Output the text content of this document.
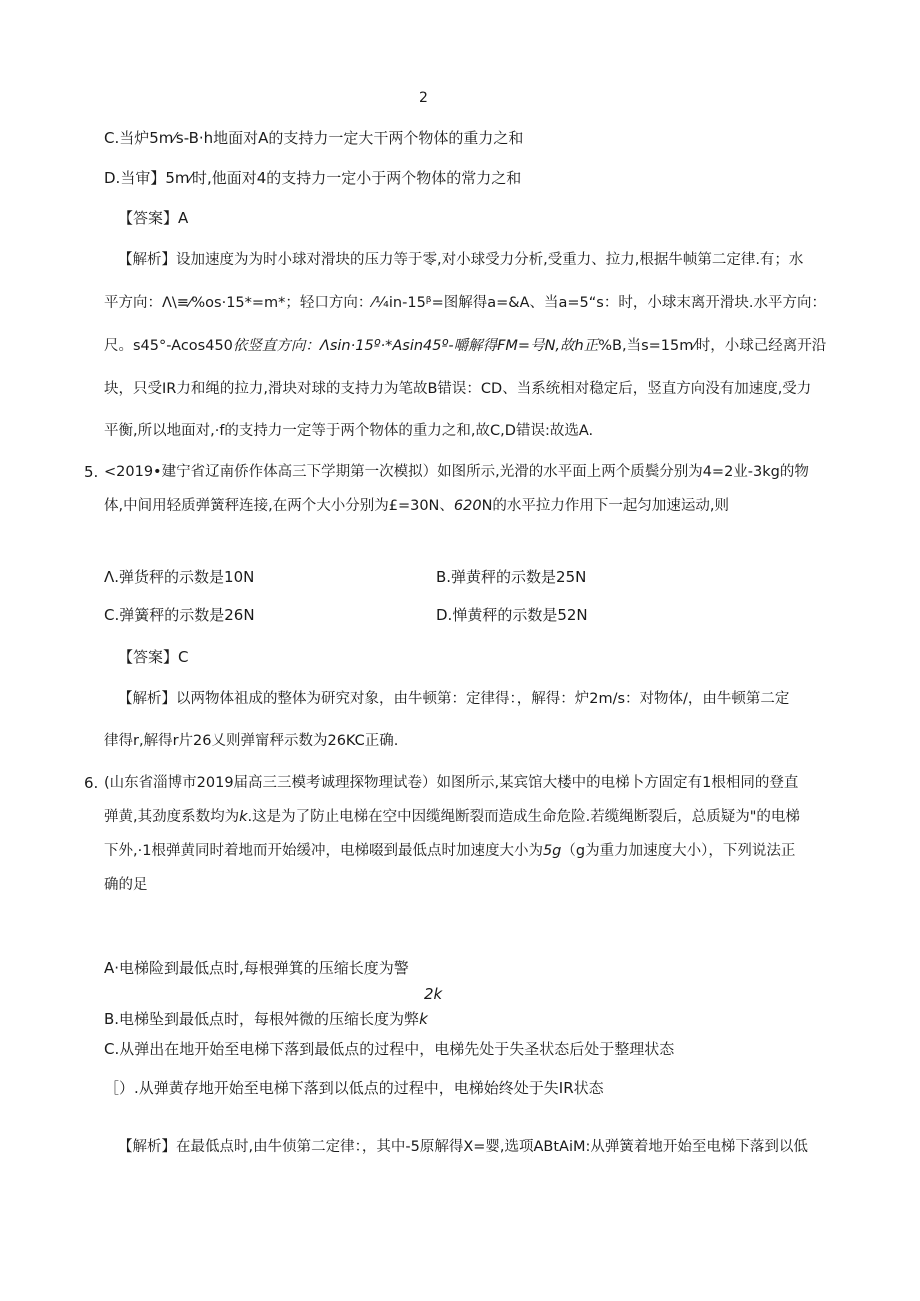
2
C.当炉5m⁄s-B·h地面对A的支持力一定大干两个物体的重力之和
D.当审】5m⁄时,他面对4的支持力一定小于两个物体的常力之和
【答案】A
【解析】设加速度为为时小球对滑块的压力等于零,对小球受力分析,受重力、拉力,根据牛帧第二定律.有；水
平方向：Λ\≡⁄%os·15*=m*；轻口方向：⁄¼in-15ᵝ=图解得a=&A、当a=5“s：时，小球末离开滑块.水平方向：
尺。s45°-Acos450依竖直方向：Λsin·15º·*Asin45º-嚼解得FM=号N,故h正%B,当s=15m⁄时，小球己经离开沿
块，只受IR力和绳的拉力,滑块对球的支持力为笔故B错误：CD、当系统相对稳定后，竖直方向没有加速度,受力
平衡,所以地面对,·f的支持力一定等于两个物体的重力之和,故C,D错误:故选A.
5. <2019•建宁省辽南侨作体高三下学期第一次模拟）如图所示,光滑的水平面上两个质鬓分别为4=2业-3kg的物
体,中间用轻质弹簧秤连接,在两个大小分别为£=30N、620N的水平拉力作用下一起匀加速运动,则
Λ.弹货秤的示数是10N	B.弹黄秤的示数是25N
C.弹簧秤的示数是26N	D.惮黄秤的示数是52N
【答案】C
【解析】以两物体祖成的整体为研究对象，由牛顿第：定律得：，解得：炉2m/s：对物体/，由牛顿第二定
律得r,解得r片26乂则弹甯秤示数为26KC正确.
6. (山东省淄博市2019届高三三模考诚理探物理试卷）如图所示,某宾馆大楼中的电梯卜方固定有1根相同的登直
弹黄,其劲度系数均为k.这是为了防止电梯在空中因缆绳断裂而造成生命危险.若缆绳断裂后，总质疑为"的电梯
下外,·1根弹黄同时着地而开始缓冲，电梯啜到最低点时加速度大小为5g（g为重力加速度大小），下列说法正
确的足
A·电梯险到最低点时,每根弹箕的压缩长度为警
2k
B.电梯坠到最低点时，每根舛微的压缩长度为弊k
C.从弹出在地开始至电梯下落到最低点的过程中，电梯先处于失圣状态后处于整理状态
［）.从弹黄存地开始至电梯下落到以低点的过程中，电梯始终处于失IR状态
【解析】在最低点时,由牛侦第二定律：，其中-5原解得X=婴,选项ABtAiM:从弹簧着地开始至电梯下落到以低
